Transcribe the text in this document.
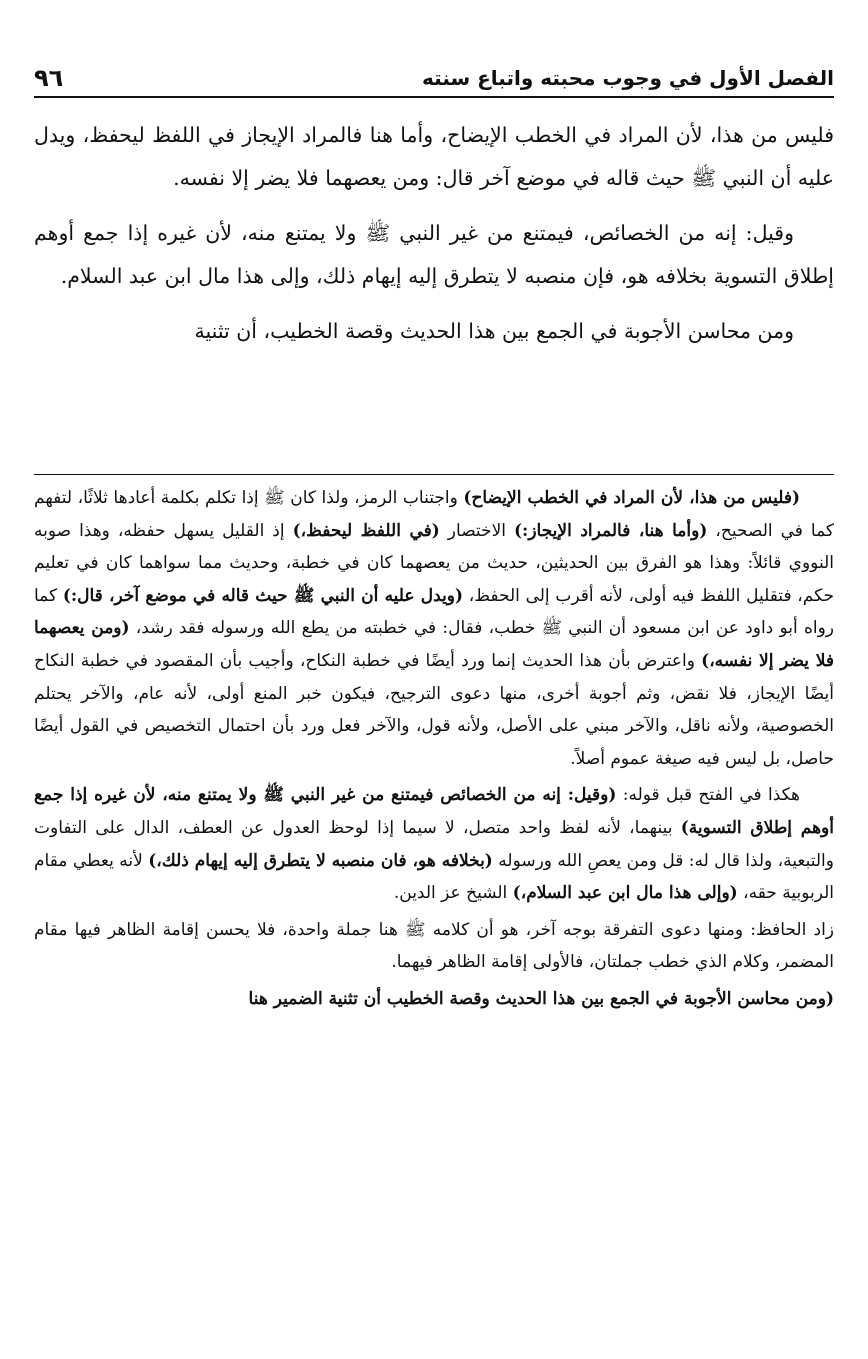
الفصل الأول في وجوب محبته واتباع سنته
٩٦

فليس من هذا، لأن المراد في الخطب الإيضاح، وأما هنا فالمراد الإيجاز في اللفظ ليحفظ، ويدل عليه أن النبي ﷺ حيث قاله في موضع آخر قال: ومن يعصهما فلا يضر إلا نفسه.

وقيل: إنه من الخصائص، فيمتنع من غير النبي ﷺ ولا يمتنع منه، لأن غيره إذا جمع أوهم إطلاق التسوية بخلافه هو، فإن منصبه لا يتطرق إليه إيهام ذلك، وإلى هذا مال ابن عبد السلام.

ومن محاسن الأجوبة في الجمع بين هذا الحديث وقصة الخطيب، أن تثنية

(فليس من هذا، لأن المراد في الخطب الإيضاح) واجتناب الرمز، ولذا كان ﷺ إذا تكلم بكلمة أعادها ثلاثًا، لتفهم كما في الصحيح، (وأما هنا، فالمراد الإيجاز:) الاختصار (في اللفظ ليحفظ،) إذ القليل يسهل حفظه، وهذا صوبه النووي قائلاً: وهذا هو الفرق بين الحديثين، حديث من يعصهما كان في خطبة، وحديث مما سواهما كان في تعليم حكم، فتقليل اللفظ فيه أولى، لأنه أقرب إلى الحفظ، (ويدل عليه أن النبي ﷺ حيث قاله في موضع آخر، قال:) كما رواه أبو داود عن ابن مسعود أن النبي ﷺ خطب، فقال: في خطبته من يطع الله ورسوله فقد رشد، (ومن يعصهما فلا يضر إلا نفسه،) واعترض بأن هذا الحديث إنما ورد أيضًا في خطبة النكاح، وأجيب بأن المقصود في خطبة النكاح أيضًا الإيجاز، فلا نقض، وثم أجوبة أخرى، منها دعوى الترجيح، فيكون خبر المنع أولى، لأنه عام، والآخر يحتلم الخصوصية، ولأنه ناقل، والآخر مبني على الأصل، ولأنه قول، والآخر فعل ورد بأن احتمال التخصيص في القول أيضًا حاصل، بل ليس فيه صيغة عموم أصلاً.

هكذا في الفتح قبل قوله: (وقيل: إنه من الخصائص فيمتنع من غير النبي ﷺ ولا يمتنع منه، لأن غيره إذا جمع أوهم إطلاق التسوية) بينهما، لأنه لفظ واحد متصل، لا سيما إذا لوحظ العدول عن العطف، الدال على التفاوت والتبعية، ولذا قال له: قل ومن يعصِ الله ورسوله (بخلافه هو، فان منصبه لا يتطرق إليه إيهام ذلك،) لأنه يعطي مقام الربوبية حقه، (وإلى هذا مال ابن عبد السلام،) الشيخ عز الدين.

زاد الحافظ: ومنها دعوى التفرقة بوجه آخر، هو أن كلامه ﷺ هنا جملة واحدة، فلا يحسن إقامة الظاهر فيها مقام المضمر، وكلام الذي خطب جملتان، فالأولى إقامة الظاهر فيهما.

(ومن محاسن الأجوبة في الجمع بين هذا الحديث وقصة الخطيب أن تثنية الضمير هنا
